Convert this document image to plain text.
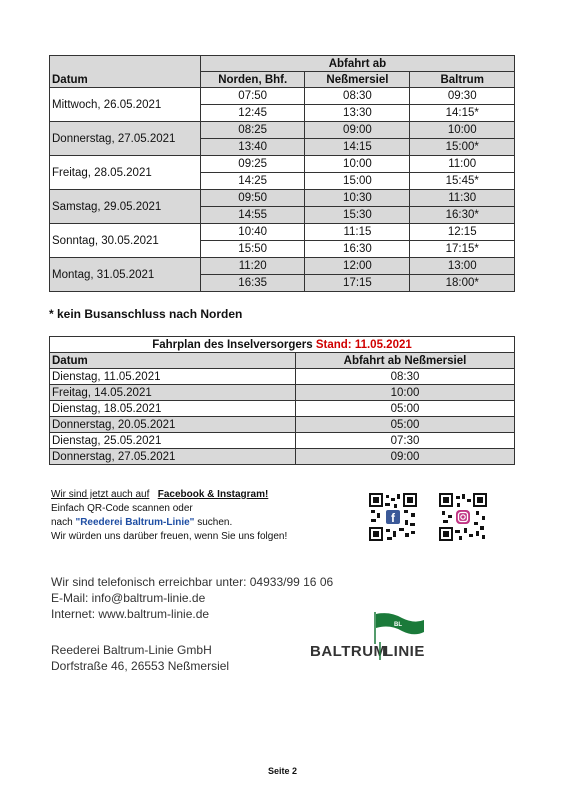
Datum	Abfahrt ab		
	Norden, Bhf.	Neßmersiel	Baltrum
Mittwoch, 26.05.2021	07:50	08:30	09:30
	12:45	13:30	14:15*
Donnerstag, 27.05.2021	08:25	09:00	10:00
	13:40	14:15	15:00*
Freitag, 28.05.2021	09:25	10:00	11:00
	14:25	15:00	15:45*
Samstag, 29.05.2021	09:50	10:30	11:30
	14:55	15:30	16:30*
Sonntag, 30.05.2021	10:40	11:15	12:15
	15:50	16:30	17:15*
Montag, 31.05.2021	11:20	12:00	13:00
	16:35	17:15	18:00*
* kein Busanschluss nach Norden
Fahrplan des Inselversorgers Stand: 11.05.2021	
Datum	Abfahrt ab Neßmersiel
Dienstag, 11.05.2021	08:30
Freitag, 14.05.2021	10:00
Dienstag, 18.05.2021	05:00
Donnerstag, 20.05.2021	05:00
Dienstag, 25.05.2021	07:30
Donnerstag, 27.05.2021	09:00
Wir sind jetzt auch auf Facebook & Instagram!
Einfach QR-Code scannen oder
nach "Reederei Baltrum-Linie" suchen.
Wir würden uns darüber freuen, wenn Sie uns folgen!
f
Wir sind telefonisch erreichbar unter: 04933/99 16 06
E-Mail: info@baltrum-linie.de
Internet: www.baltrum-linie.de
Reederei Baltrum-Linie GmbH
Dorfstraße 46, 26553 Neßmersiel
BL
BALTRUM
LINIE
Seite 2
